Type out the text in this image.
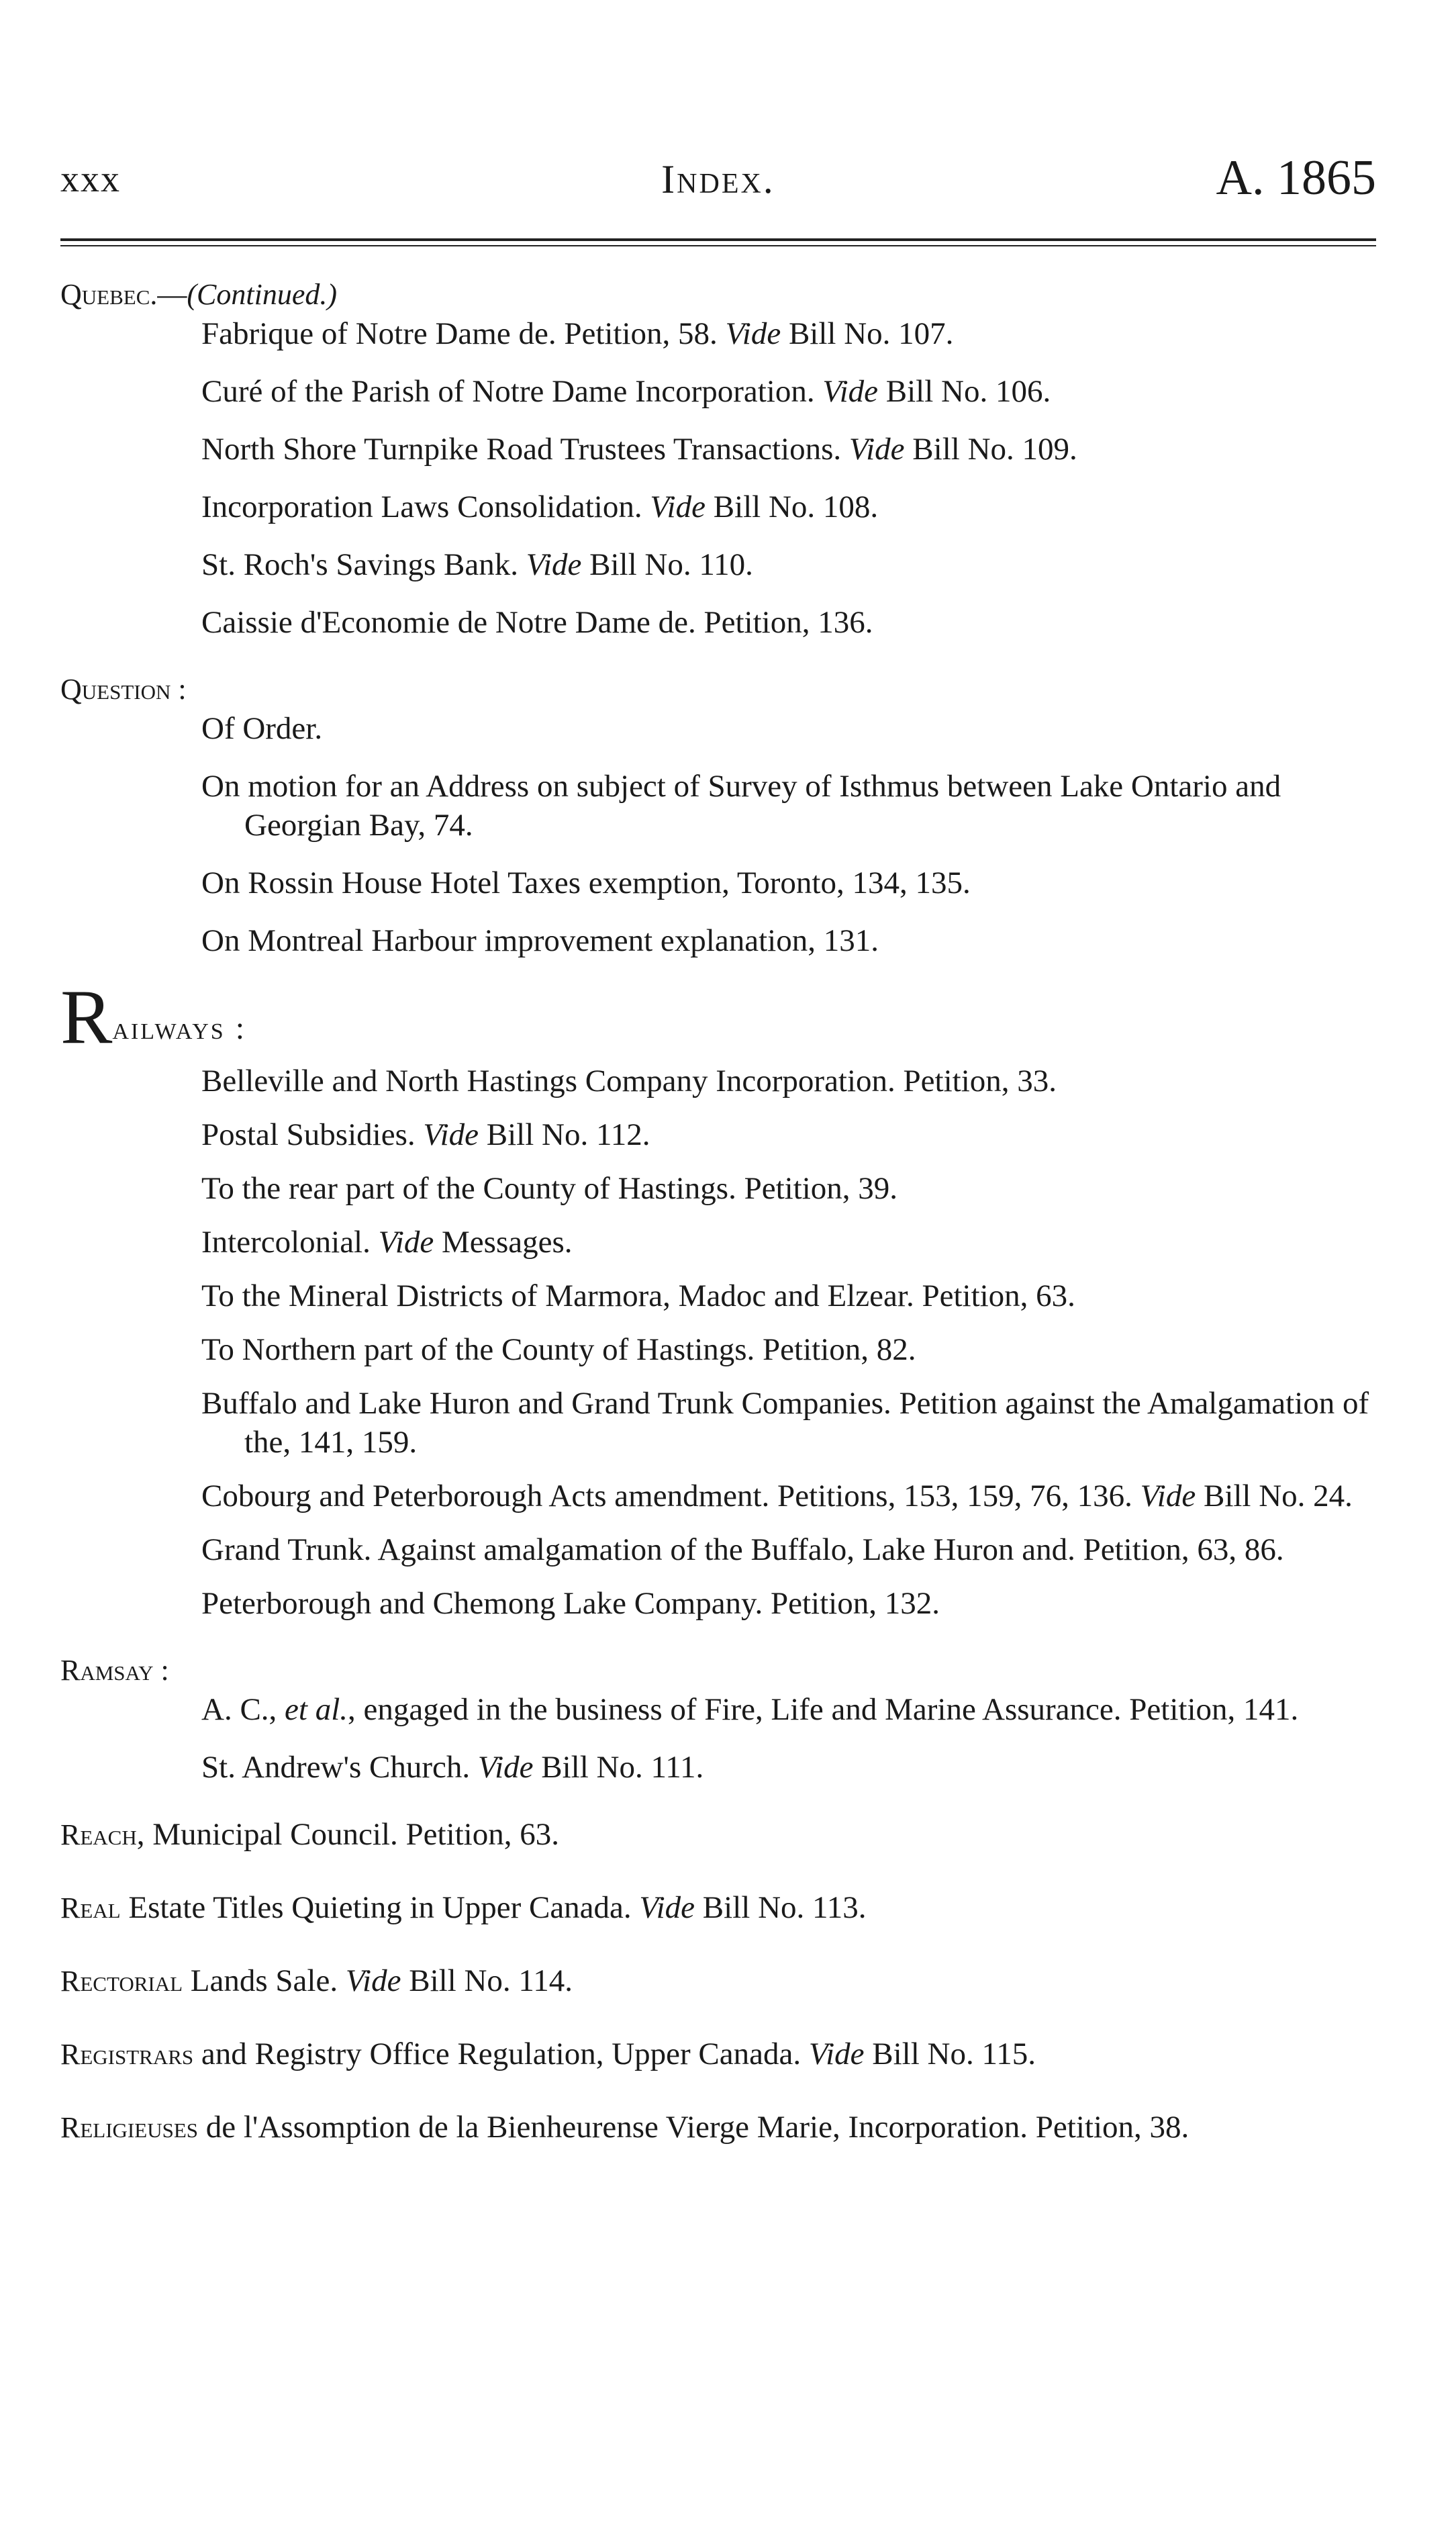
xxx	Index.	A. 1865

Quebec.—(Continued.)

Fabrique of Notre Dame de. Petition, 58. Vide Bill No. 107.

Curé of the Parish of Notre Dame Incorporation. Vide Bill No. 106.

North Shore Turnpike Road Trustees Transactions. Vide Bill No. 109.

Incorporation Laws Consolidation. Vide Bill No. 108.

St. Roch's Savings Bank. Vide Bill No. 110.

Caissie d'Economie de Notre Dame de. Petition, 136.

Question :

Of Order.

On motion for an Address on subject of Survey of Isthmus between Lake Ontario and Georgian Bay, 74.

On Rossin House Hotel Taxes exemption, Toronto, 134, 135.

On Montreal Harbour improvement explanation, 131.

Railways :

Belleville and North Hastings Company Incorporation. Petition, 33.

Postal Subsidies. Vide Bill No. 112.

To the rear part of the County of Hastings. Petition, 39.

Intercolonial. Vide Messages.

To the Mineral Districts of Marmora, Madoc and Elzear. Petition, 63.

To Northern part of the County of Hastings. Petition, 82.

Buffalo and Lake Huron and Grand Trunk Companies. Petition against the Amalgamation of the, 141, 159.

Cobourg and Peterborough Acts amendment. Petitions, 153, 159, 76, 136. Vide Bill No. 24.

Grand Trunk. Against amalgamation of the Buffalo, Lake Huron and. Petition, 63, 86.

Peterborough and Chemong Lake Company. Petition, 132.

Ramsay :

A. C., et al., engaged in the business of Fire, Life and Marine Assurance. Petition, 141.

St. Andrew's Church. Vide Bill No. 111.

Reach, Municipal Council. Petition, 63.

Real Estate Titles Quieting in Upper Canada. Vide Bill No. 113.

Rectorial Lands Sale. Vide Bill No. 114.

Registrars and Registry Office Regulation, Upper Canada. Vide Bill No. 115.

Religieuses de l'Assomption de la Bienheurense Vierge Marie, Incorporation. Petition, 38.
